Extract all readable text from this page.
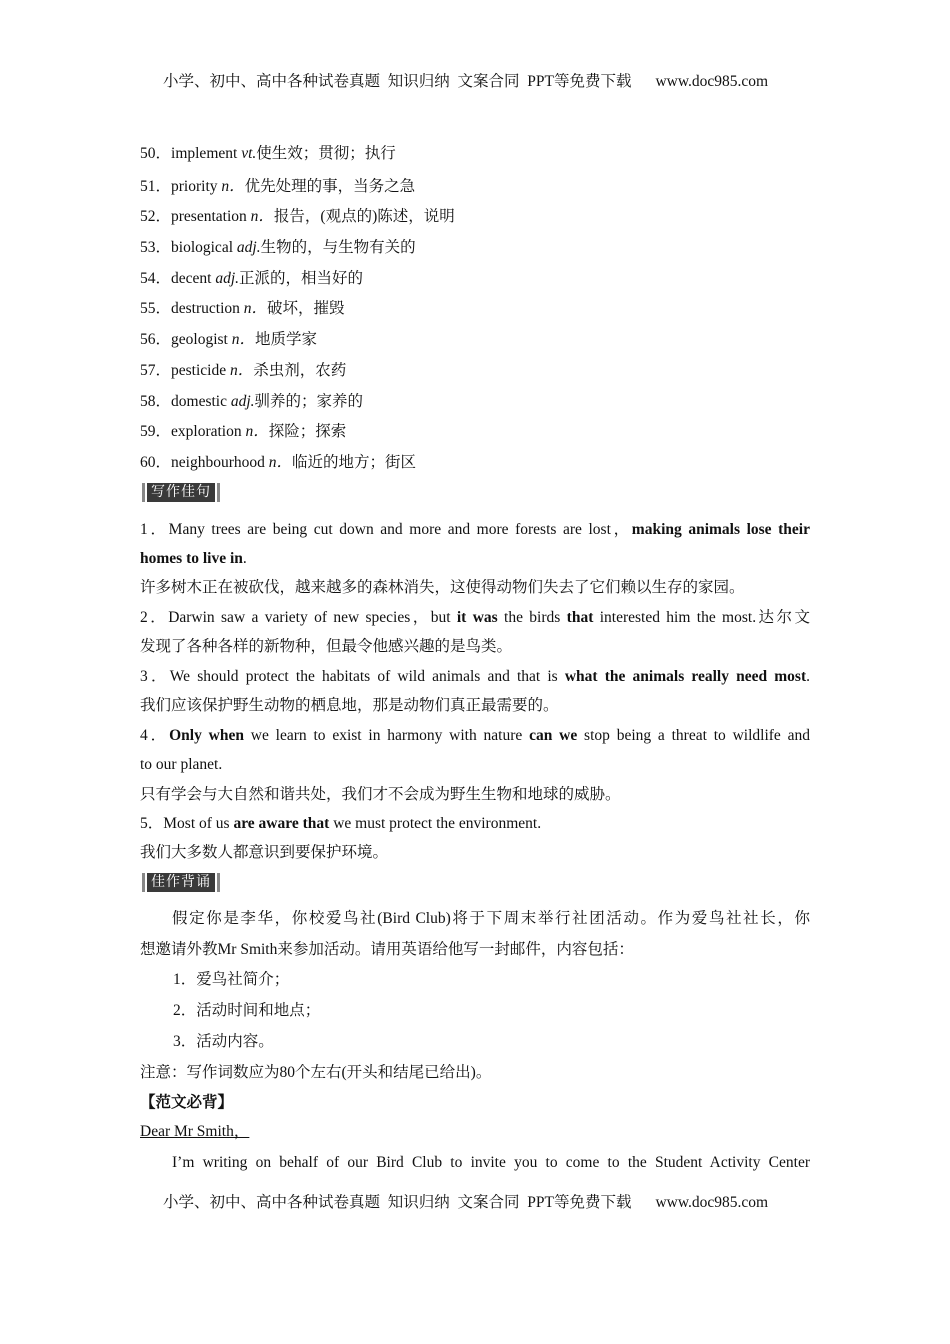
小学、初中、高中各种试卷真题  知识归纳  文案合同  PPT等免费下载 www.doc985.com
50．implement vt.使生效；贯彻；执行
51．priority n．优先处理的事，当务之急
52．presentation n．报告，(观点的)陈述，说明
53．biological adj.生物的，与生物有关的
54．decent adj.正派的，相当好的
55．destruction n．破坏，摧毁
56．geologist n．地质学家
57．pesticide n．杀虫剂，农药
58．domestic adj.驯养的；家养的
59．exploration n．探险；探索
60．neighbourhood n．临近的地方；街区
写作佳句
1．Many trees are being cut down and more and more forests are lost，making animals lose their
homes to live in.
许多树木正在被砍伐，越来越多的森林消失，这使得动物们失去了它们赖以生存的家园。
2．Darwin saw a variety of new species，but it was the birds that interested him the most.达尔文
发现了各种各样的新物种，但最令他感兴趣的是鸟类。
3．We should protect the habitats of wild animals and that is what the animals really need most.
我们应该保护野生动物的栖息地，那是动物们真正最需要的。
4．Only when we learn to exist in harmony with nature can we stop being a threat to wildlife and
to our planet.
只有学会与大自然和谐共处，我们才不会成为野生生物和地球的威胁。
5．Most of us are aware that we must protect the environment.
我们大多数人都意识到要保护环境。
佳作背诵
假定你是李华，你校爱鸟社(Bird Club)将于下周末举行社团活动。作为爱鸟社社长，你
想邀请外教Mr Smith来参加活动。请用英语给他写一封邮件，内容包括：
1．爱鸟社简介；
2．活动时间和地点；
3．活动内容。
注意：写作词数应为80个左右(开头和结尾已给出)。
【范文必背】
Dear Mr Smith，
I’m writing on behalf of our Bird Club to invite you to come to the Student Activity Center
小学、初中、高中各种试卷真题  知识归纳  文案合同  PPT等免费下载 www.doc985.com
